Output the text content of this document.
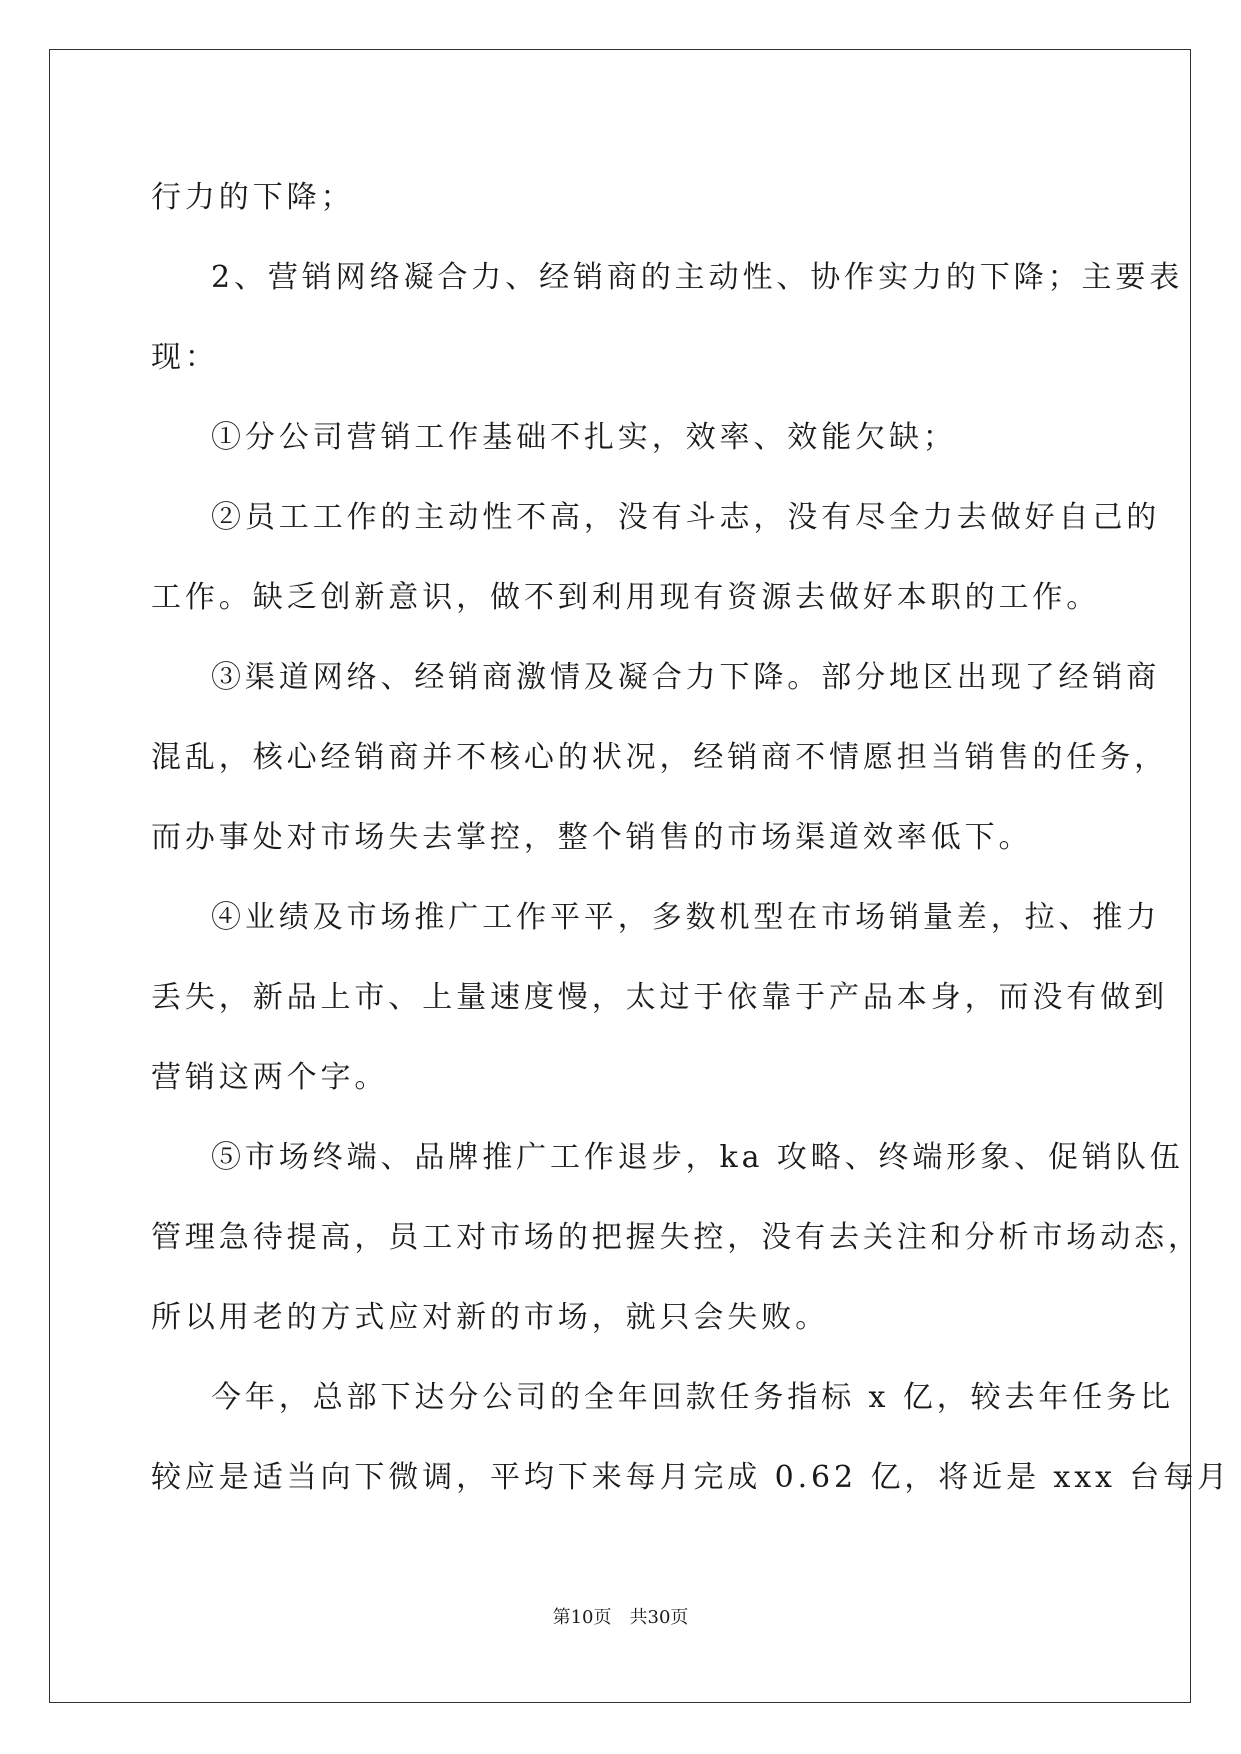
行力的下降；
2、营销网络凝合力、经销商的主动性、协作实力的下降；主要表
现：
①分公司营销工作基础不扎实，效率、效能欠缺；
②员工工作的主动性不高，没有斗志，没有尽全力去做好自己的
工作。缺乏创新意识，做不到利用现有资源去做好本职的工作。
③渠道网络、经销商激情及凝合力下降。部分地区出现了经销商
混乱，核心经销商并不核心的状况，经销商不情愿担当销售的任务，
而办事处对市场失去掌控，整个销售的市场渠道效率低下。
④业绩及市场推广工作平平，多数机型在市场销量差，拉、推力
丢失，新品上市、上量速度慢，太过于依靠于产品本身，而没有做到
营销这两个字。
⑤市场终端、品牌推广工作退步，ka 攻略、终端形象、促销队伍
管理急待提高，员工对市场的把握失控，没有去关注和分析市场动态，
所以用老的方式应对新的市场，就只会失败。
今年，总部下达分公司的全年回款任务指标 x 亿，较去年任务比
较应是适当向下微调，平均下来每月完成 0.62 亿，将近是 xxx 台每月
第10页　共30页
